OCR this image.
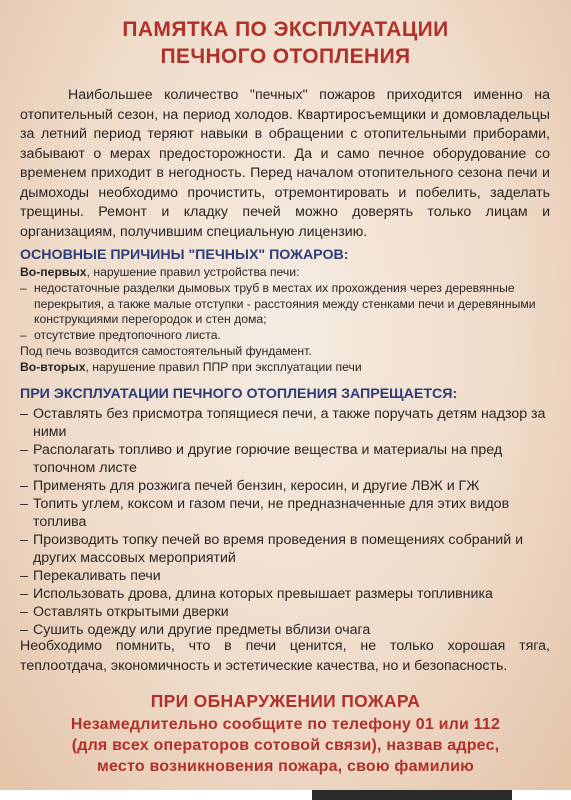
ПАМЯТКА ПО ЭКСПЛУАТАЦИИ
ПЕЧНОГО ОТОПЛЕНИЯ
Наибольшее количество "печных" пожаров приходится именно на отопительный сезон, на период холодов. Квартиросъемщики и домовладельцы за летний период теряют навыки в обращении с отопительными приборами, забывают о мерах предосторожности. Да и само печное оборудование со временем приходит в негодность. Перед началом отопительного сезона печи и дымоходы необходимо прочистить, отремонтировать и побелить, заделать трещины. Ремонт и кладку печей можно доверять только лицам и организациям, получившим специальную лицензию.
ОСНОВНЫЕ ПРИЧИНЫ "ПЕЧНЫХ" ПОЖАРОВ:

Во-первых, нарушение правил устройства печи:

– недостаточные разделки дымовых труб в местах их прохождения через деревянные перекрытия, а также малые отступки - расстояния между стенками печи и деревянными конструкциями перегородок и стен дома;

– отсутствие предтопочного листа.

Под печь возводится самостоятельный фундамент.

Во-вторых, нарушение правил ППР при эксплуатации печи

ПРИ ЭКСПЛУАТАЦИИ ПЕЧНОГО ОТОПЛЕНИЯ ЗАПРЕЩАЕТСЯ:
– Оставлять без присмотра топящиеся печи, а также поручать детям надзор за ними
– Располагать топливо и другие горючие вещества и материалы на пред топочном листе
– Применять для розжига печей бензин, керосин, и другие ЛВЖ и ГЖ
– Топить углем, коксом и газом печи, не предназначенные для этих видов топлива
– Производить топку печей во время проведения в помещениях собраний и других массовых мероприятий
– Перекаливать печи
– Использовать дрова, длина которых превышает размеры топливника
– Оставлять открытыми дверки
– Сушить одежду или другие предметы вблизи очага
Необходимо помнить, что в печи ценится, не только хорошая тяга, теплоотдача, экономичность и эстетические качества, но и безопасность.
ПРИ ОБНАРУЖЕНИИ ПОЖАРА
Незамедлительно сообщите по телефону 01 или 112
(для всех операторов сотовой связи), назвав адрес,
место возникновения пожара, свою фамилию
